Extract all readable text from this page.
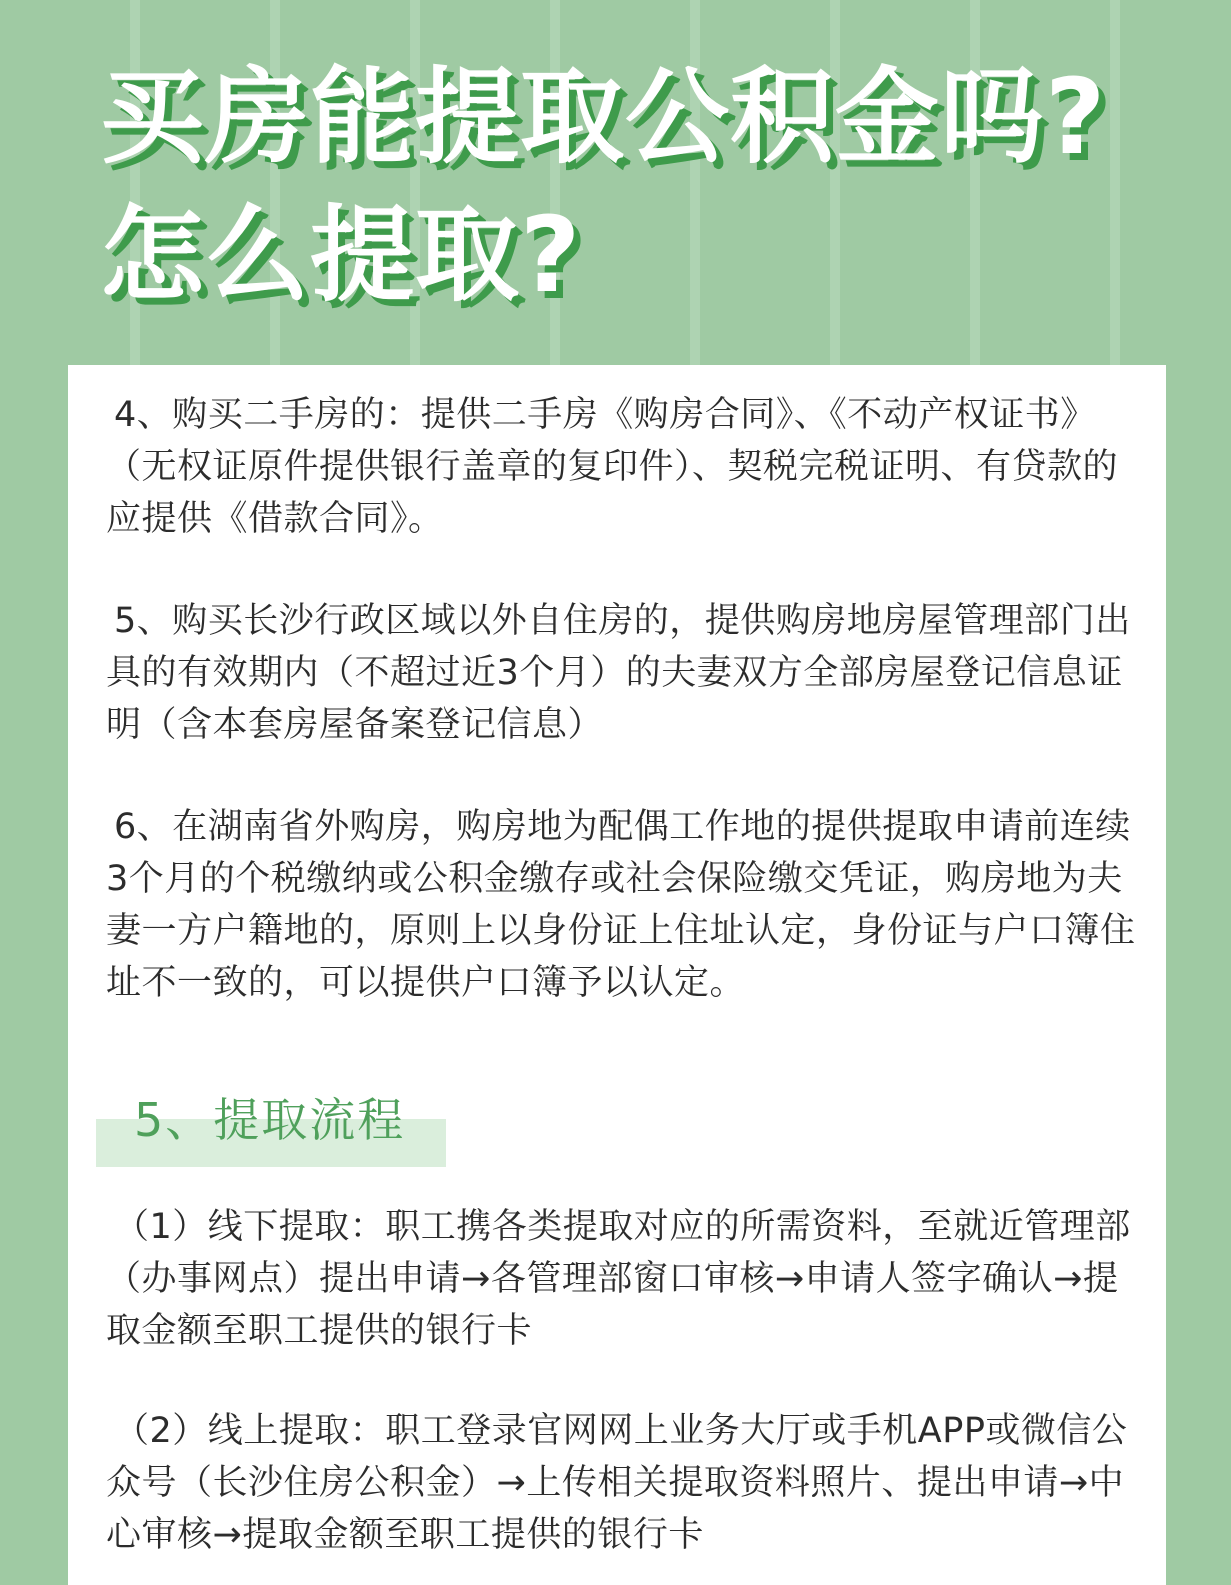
买房能提取公积金吗?
怎么提取?

4、购买二手房的：提供二手房《购房合同》、《不动产权证书》（无权证原件提供银行盖章的复印件）、契税完税证明、有贷款的应提供《借款合同》。

5、购买长沙行政区域以外自住房的，提供购房地房屋管理部门出具的有效期内（不超过近3个月）的夫妻双方全部房屋登记信息证明（含本套房屋备案登记信息）

6、在湖南省外购房，购房地为配偶工作地的提供提取申请前连续3个月的个税缴纳或公积金缴存或社会保险缴交凭证，购房地为夫妻一方户籍地的，原则上以身份证上住址认定，身份证与户口簿住址不一致的，可以提供户口簿予以认定。

5、提取流程

（1）线下提取：职工携各类提取对应的所需资料，至就近管理部（办事网点）提出申请→各管理部窗口审核→申请人签字确认→提取金额至职工提供的银行卡

（2）线上提取：职工登录官网网上业务大厅或手机APP或微信公众号（长沙住房公积金）→上传相关提取资料照片、提出申请→中心审核→提取金额至职工提供的银行卡
